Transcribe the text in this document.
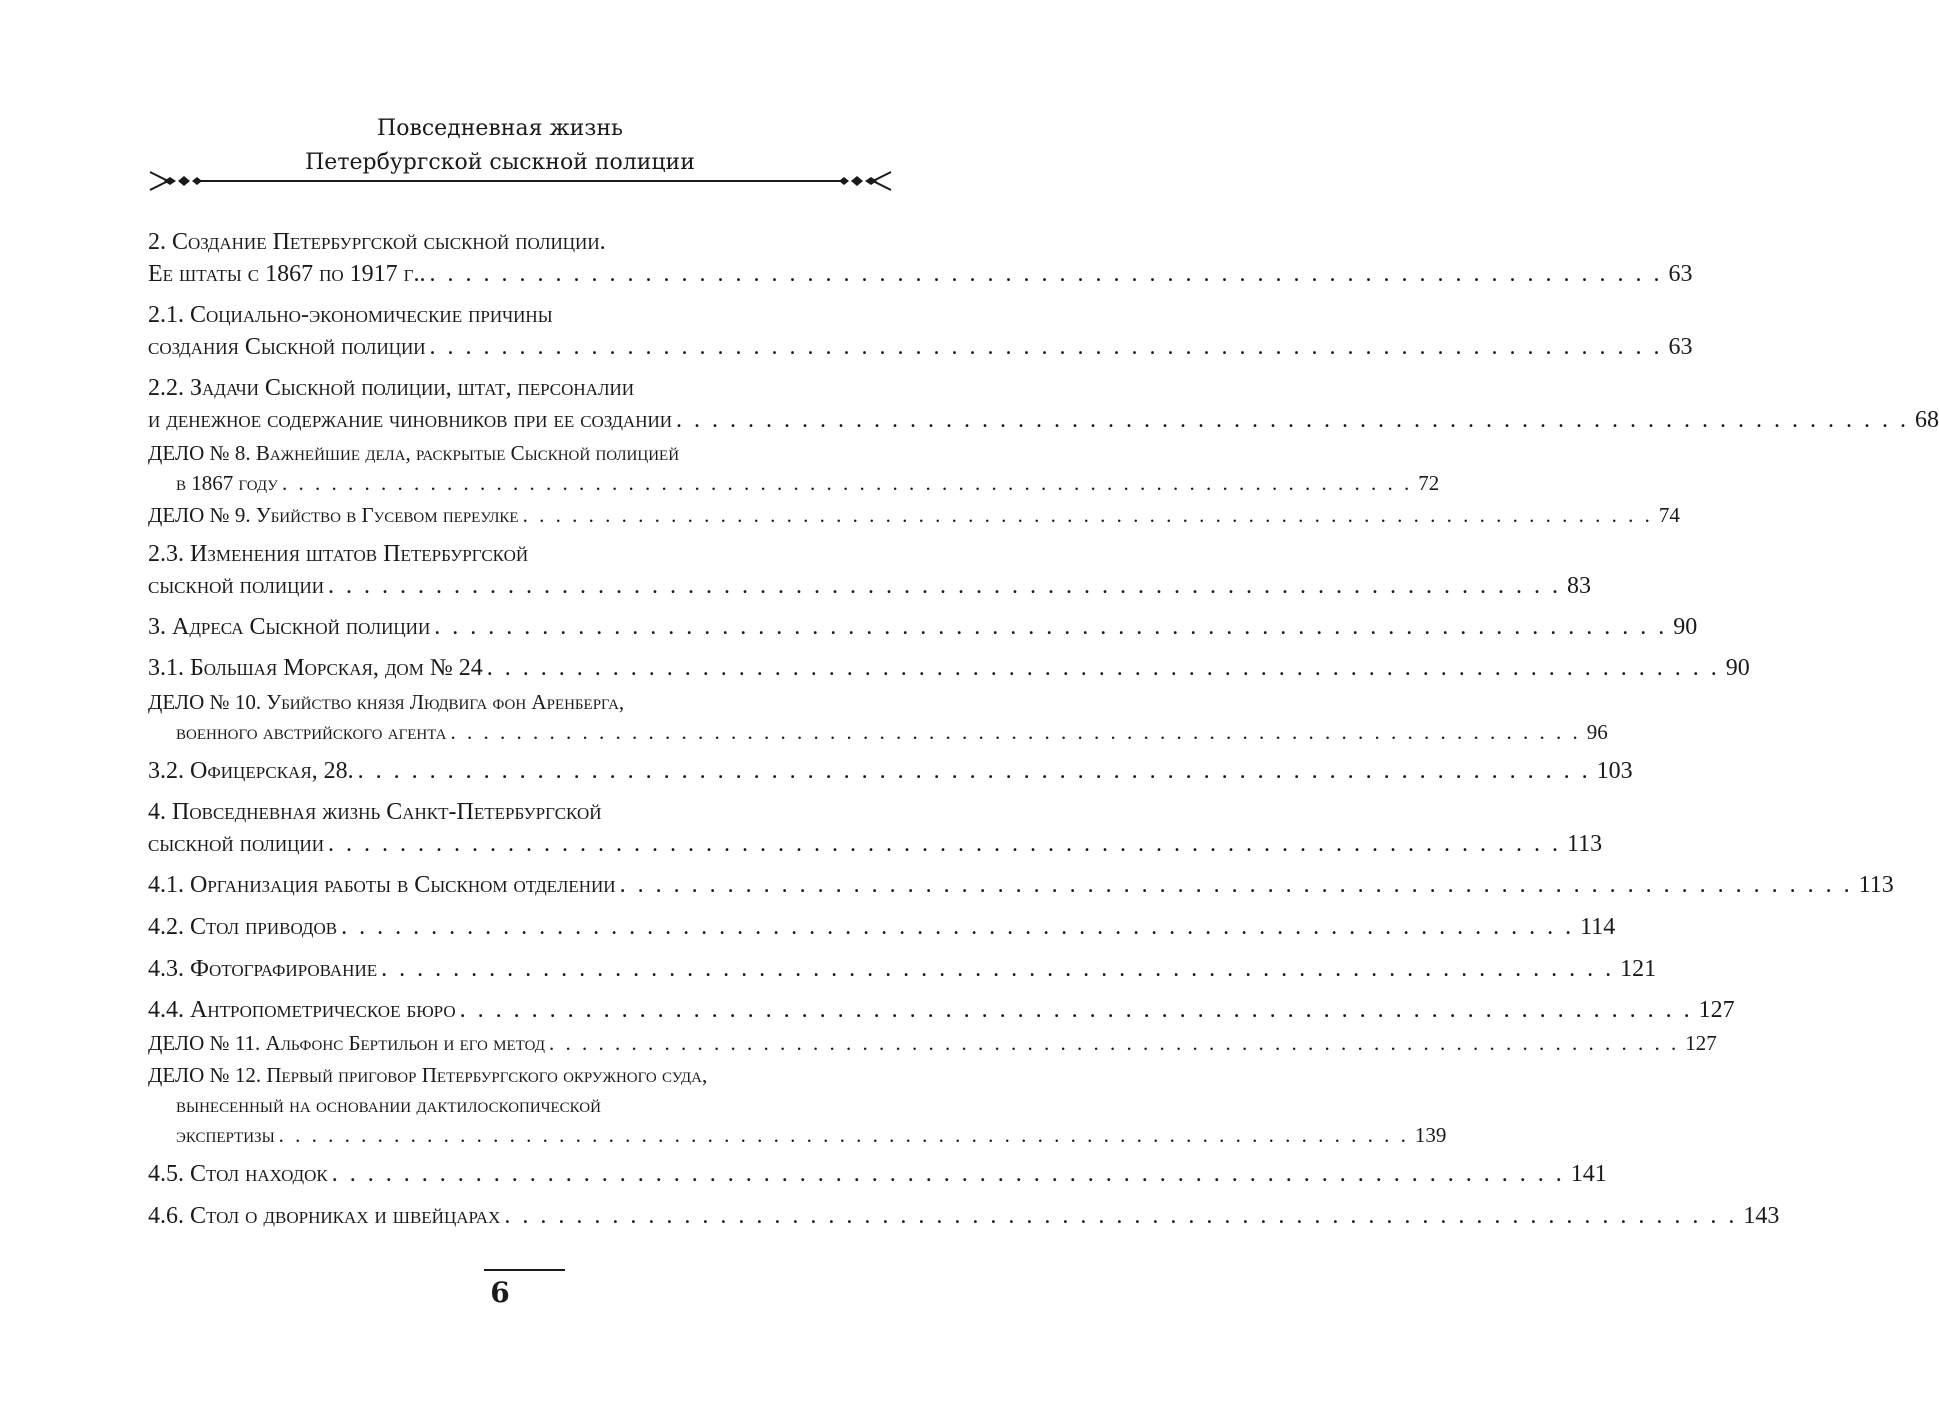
Повседневная жизнь
Петербургской сыскной полиции
2. Создание Петербургской сыскной полиции.
Ее штаты с 1867 по 1917 г.. . . . . . . . . . . . . . . . . . . . . . . . . . . . . . . . . . . . . . . . . . . . . . . . . . . . . . . . . . . . . . . . . . . . . . 63
2.1. Социально-экономические причины
создания Сыскной полиции . . . . . . . . . . . . . . . . . . . . . . . . . . . . . . . . . . . . . . . . . . . . . . . . . . . . . . . . . . . . . . . . . . . . . 63
2.2. Задачи Сыскной полиции, штат, персоналии
и денежное содержание чиновников при ее создании . . . . . . . . . . . . . . . . . . . . . . . . . . . . . . . . . . . . . . . . . . . . . . . . . . . . . . . . . . . . . . . . . . . . . 68
ДЕЛО № 8. Важнейшие дела, раскрытые Сыскной полицией
в 1867 году . . . . . . . . . . . . . . . . . . . . . . . . . . . . . . . . . . . . . . . . . . . . . . . . . . . . . . . . . . . . . . . . . . . . . 72
ДЕЛО № 9. Убийство в Гусевом переулке . . . . . . . . . . . . . . . . . . . . . . . . . . . . . . . . . . . . . . . . . . . . . . . . . . . . . . . . . . . . . . . . . . . . . 74
2.3. Изменения штатов Петербургской
сыскной полиции . . . . . . . . . . . . . . . . . . . . . . . . . . . . . . . . . . . . . . . . . . . . . . . . . . . . . . . . . . . . . . . . . . . . . 83
3. Адреса Сыскной полиции . . . . . . . . . . . . . . . . . . . . . . . . . . . . . . . . . . . . . . . . . . . . . . . . . . . . . . . . . . . . . . . . . . . . . 90
3.1. Большая Морская, дом № 24 . . . . . . . . . . . . . . . . . . . . . . . . . . . . . . . . . . . . . . . . . . . . . . . . . . . . . . . . . . . . . . . . . . . . . 90
ДЕЛО № 10. Убийство князя Людвига фон Аренберга,
военного австрийского агента . . . . . . . . . . . . . . . . . . . . . . . . . . . . . . . . . . . . . . . . . . . . . . . . . . . . . . . . . . . . . . . . . . . . . 96
3.2. Офицерская, 28. . . . . . . . . . . . . . . . . . . . . . . . . . . . . . . . . . . . . . . . . . . . . . . . . . . . . . . . . . . . . . . . . . . . . . 103
4. Повседневная жизнь Санкт-Петербургской
сыскной полиции . . . . . . . . . . . . . . . . . . . . . . . . . . . . . . . . . . . . . . . . . . . . . . . . . . . . . . . . . . . . . . . . . . . . . 113
4.1. Организация работы в Сыскном отделении . . . . . . . . . . . . . . . . . . . . . . . . . . . . . . . . . . . . . . . . . . . . . . . . . . . . . . . . . . . . . . . . . . . . . 113
4.2. Стол приводов . . . . . . . . . . . . . . . . . . . . . . . . . . . . . . . . . . . . . . . . . . . . . . . . . . . . . . . . . . . . . . . . . . . . . 114
4.3. Фотографирование . . . . . . . . . . . . . . . . . . . . . . . . . . . . . . . . . . . . . . . . . . . . . . . . . . . . . . . . . . . . . . . . . . . . . 121
4.4. Антропометрическое бюро . . . . . . . . . . . . . . . . . . . . . . . . . . . . . . . . . . . . . . . . . . . . . . . . . . . . . . . . . . . . . . . . . . . . . 127
ДЕЛО № 11. Альфонс Бертильон и его метод . . . . . . . . . . . . . . . . . . . . . . . . . . . . . . . . . . . . . . . . . . . . . . . . . . . . . . . . . . . . . . . . . . . . . 127
ДЕЛО № 12. Первый приговор Петербургского окружного суда,
вынесенный на основании дактилоскопической
экспертизы . . . . . . . . . . . . . . . . . . . . . . . . . . . . . . . . . . . . . . . . . . . . . . . . . . . . . . . . . . . . . . . . . . . . . 139
4.5. Стол находок . . . . . . . . . . . . . . . . . . . . . . . . . . . . . . . . . . . . . . . . . . . . . . . . . . . . . . . . . . . . . . . . . . . . . 141
4.6. Стол о дворниках и швейцарах . . . . . . . . . . . . . . . . . . . . . . . . . . . . . . . . . . . . . . . . . . . . . . . . . . . . . . . . . . . . . . . . . . . . . 143
6
